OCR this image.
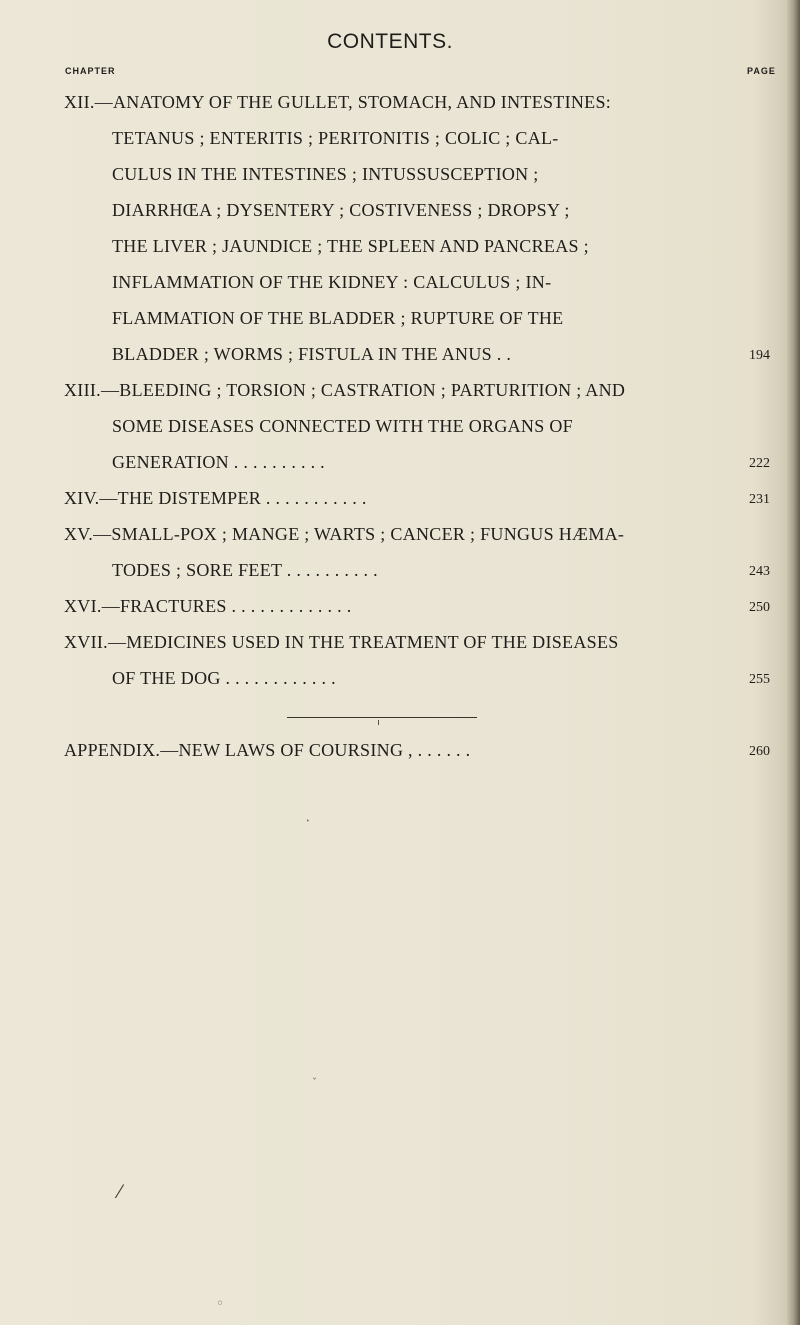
CONTENTS.
CHAPTER	PAGE
XII.—ANATOMY OF THE GULLET, STOMACH, AND INTESTINES:
TETANUS ; ENTERITIS ; PERITONITIS ; COLIC ; CAL-
CULUS IN THE INTESTINES ; INTUSSUSCEPTION ;
DIARRHŒA ; DYSENTERY ; COSTIVENESS ; DROPSY ;
THE LIVER ; JAUNDICE ; THE SPLEEN AND PANCREAS ;
INFLAMMATION OF THE KIDNEY : CALCULUS ; IN-
FLAMMATION OF THE BLADDER ; RUPTURE OF THE
BLADDER ; WORMS ; FISTULA IN THE ANUS . .	194
XIII.—BLEEDING ; TORSION ; CASTRATION ; PARTURITION ; AND
SOME DISEASES CONNECTED WITH THE ORGANS OF
GENERATION . . . . . . . . . .	222
XIV.—THE DISTEMPER . . . . . . . . . . .	231
XV.—SMALL-POX ; MANGE ; WARTS ; CANCER ; FUNGUS HÆMA-
TODES ; SORE FEET . . . . . . . . . .	243
XVI.—FRACTURES . . . . . . . . . . . . .	250
XVII.—MEDICINES USED IN THE TREATMENT OF THE DISEASES
OF THE DOG . . . . . . . . . . . .	255
APPENDIX.—NEW LAWS OF COURSING , . . . . . .	260
•
ˇ
⁄
◦
